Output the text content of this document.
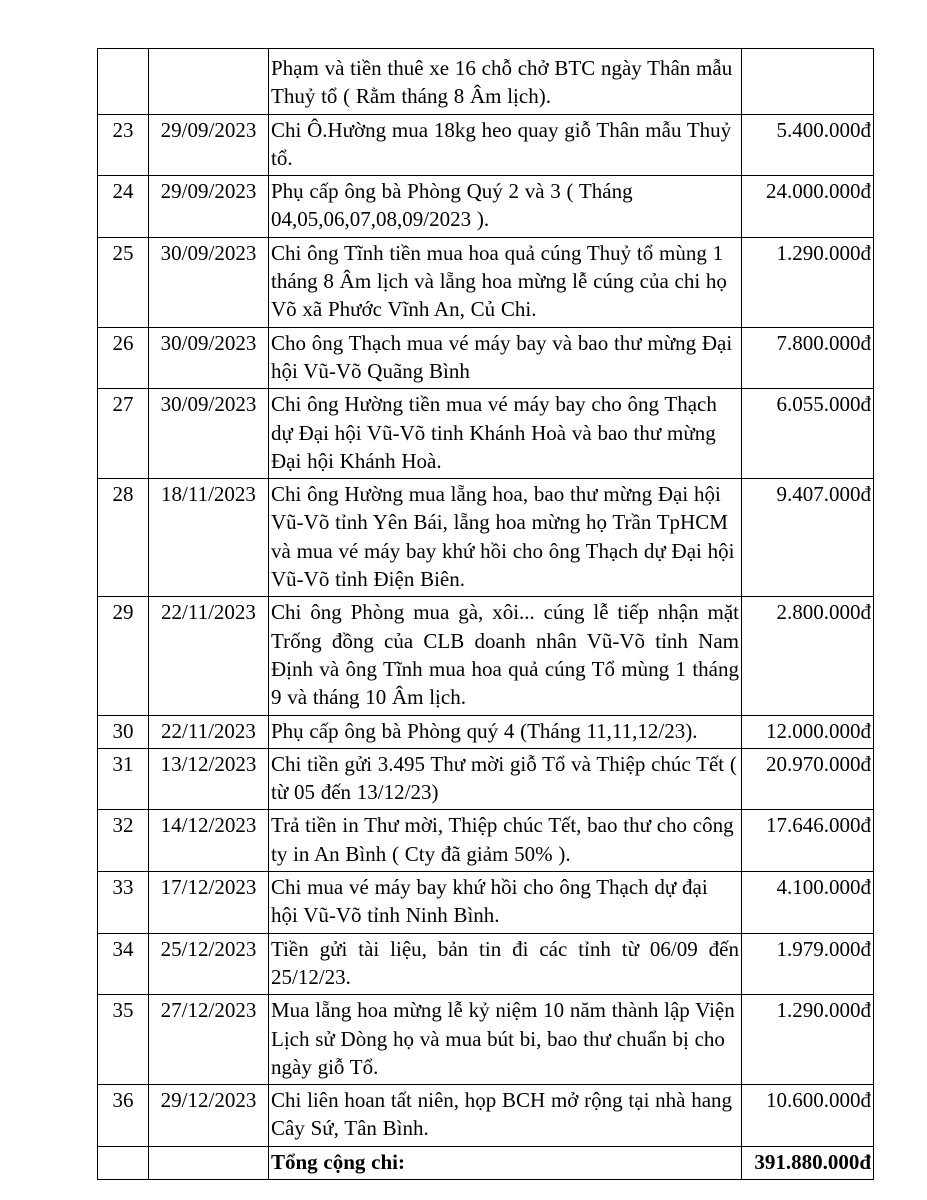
		Phạm và tiền thuê xe 16 chỗ chở BTC ngày Thân mẫu Thuỷ tổ ( Rằm tháng 8 Âm lịch).	
23	29/09/2023	Chi Ô.Hường mua 18kg heo quay giỗ Thân mẫu Thuỷ tổ.	5.400.000đ
24	29/09/2023	Phụ cấp ông bà Phòng Quý 2 và 3 ( Tháng 04,05,06,07,08,09/2023 ).	24.000.000đ
25	30/09/2023	Chi ông Tĩnh tiền mua hoa quả cúng Thuỷ tổ mùng 1 tháng 8 Âm lịch và lẵng hoa mừng lễ cúng của chi họ Võ xã Phước Vĩnh An, Củ Chi.	1.290.000đ
26	30/09/2023	Cho ông Thạch mua vé máy bay và bao thư mừng Đại hội Vũ-Võ Quãng Bình	7.800.000đ
27	30/09/2023	Chi ông Hường tiền mua vé máy bay cho ông Thạch dự Đại hội Vũ-Võ tinh Khánh Hoà và bao thư mừng Đại hội Khánh Hoà.	6.055.000đ
28	18/11/2023	Chi ông Hường mua lẵng hoa, bao thư mừng Đại hội Vũ-Võ tỉnh Yên Bái, lẵng hoa mừng họ Trần TpHCM và mua vé máy bay khứ hồi cho ông Thạch dự Đại hội Vũ-Võ tỉnh Điện Biên.	9.407.000đ
29	22/11/2023	Chi ông Phòng mua gà, xôi... cúng lễ tiếp nhận mặt Trống đồng của CLB doanh nhân Vũ-Võ tỉnh Nam Định và ông Tĩnh mua hoa quả cúng Tổ mùng 1 tháng 9 và tháng 10 Âm lịch.	2.800.000đ
30	22/11/2023	Phụ cấp ông bà Phòng quý 4 (Tháng 11,11,12/23).	12.000.000đ
31	13/12/2023	Chi tiền gửi 3.495 Thư mời giỗ Tổ và Thiệp chúc Tết ( từ 05 đến 13/12/23)	20.970.000đ
32	14/12/2023	Trả tiền in Thư mời, Thiệp chúc Tết, bao thư cho công ty in An Bình ( Cty đã giảm 50% ).	17.646.000đ
33	17/12/2023	Chi mua vé máy bay khứ hồi cho ông Thạch dự đại hội Vũ-Võ tỉnh Ninh Bình.	4.100.000đ
34	25/12/2023	Tiền gửi tài liệu, bản tin đi các tỉnh từ 06/09 đến 25/12/23.	1.979.000đ
35	27/12/2023	Mua lẵng hoa mừng lễ kỷ niệm 10 năm thành lập Viện Lịch sử Dòng họ và mua bút bi, bao thư chuẩn bị cho ngày giỗ Tổ.	1.290.000đ
36	29/12/2023	Chi liên hoan tất niên, họp BCH mở rộng tại nhà hang Cây Sứ, Tân Bình.	10.600.000đ
		Tổng cộng chi:	391.880.000đ
